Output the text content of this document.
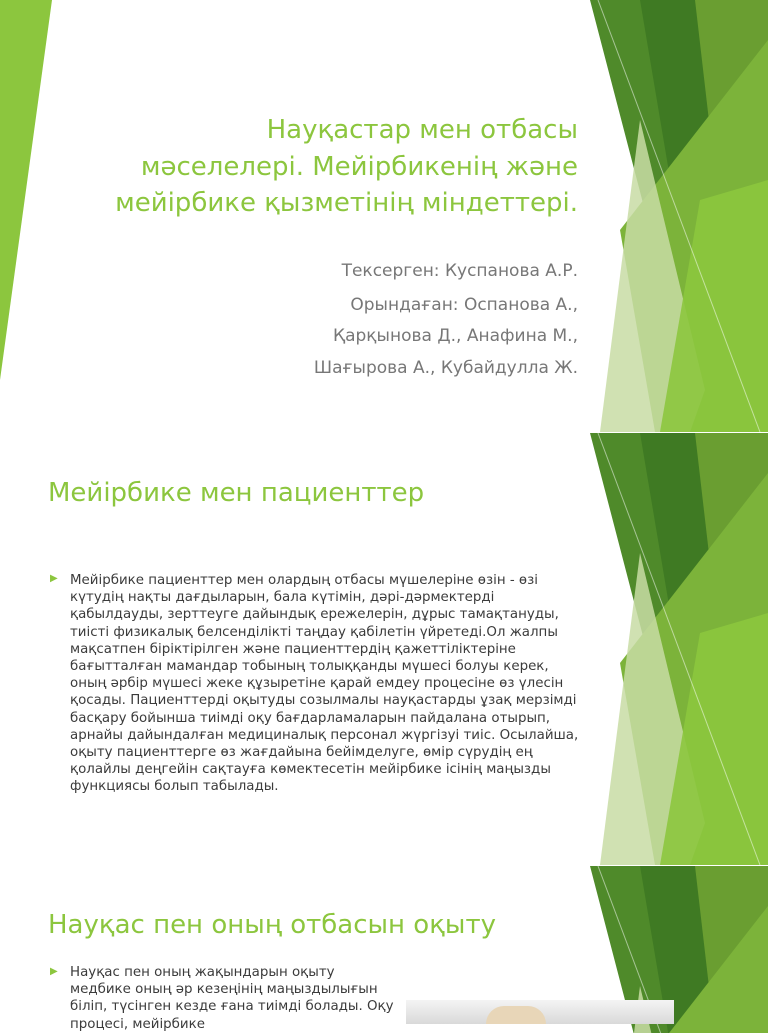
Науқастар мен отбасы мәселелері. Мейірбикенің және мейірбике қызметінің міндеттері.
Тексерген: Куспанова А.Р.
Орындаған: Оспанова А.,
Қарқынова Д., Анафина М.,
Шағырова А., Кубайдулла Ж.
Мейірбике мен пациенттер
▶ Мейірбике пациенттер мен олардың отбасы мүшелеріне өзін - өзі күтудің нақты дағдыларын, бала күтімін, дәрі-дәрмектерді қабылдауды, зерттеуге дайындық ережелерін, дұрыс тамақтануды, тиісті физикалық белсенділікті таңдау қабілетін үйретеді.Ол жалпы мақсатпен біріктірілген және пациенттердің қажеттіліктеріне бағытталған мамандар тобының толыққанды мүшесі болуы керек, оның әрбір мүшесі жеке құзыретіне қарай емдеу процесіне өз үлесін қосады. Пациенттерді оқытуды созылмалы науқастарды ұзақ мерзімді басқару бойынша тиімді оқу бағдарламаларын пайдалана отырып, арнайы дайындалған медициналық персонал жүргізуі тиіс. Осылайша, оқыту пациенттерге өз жағдайына бейімделуге, өмір сүрудің ең қолайлы деңгейін сақтауға көмектесетін мейірбике ісінің маңызды функциясы болып табылады.
Науқас пен оның отбасын оқыту
▶ Науқас пен оның жақындарын оқыту медбике оның әр кезеңінің маңыздылығын біліп, түсінген кезде ғана тиімді болады. Оқу процесі, мейірбике
